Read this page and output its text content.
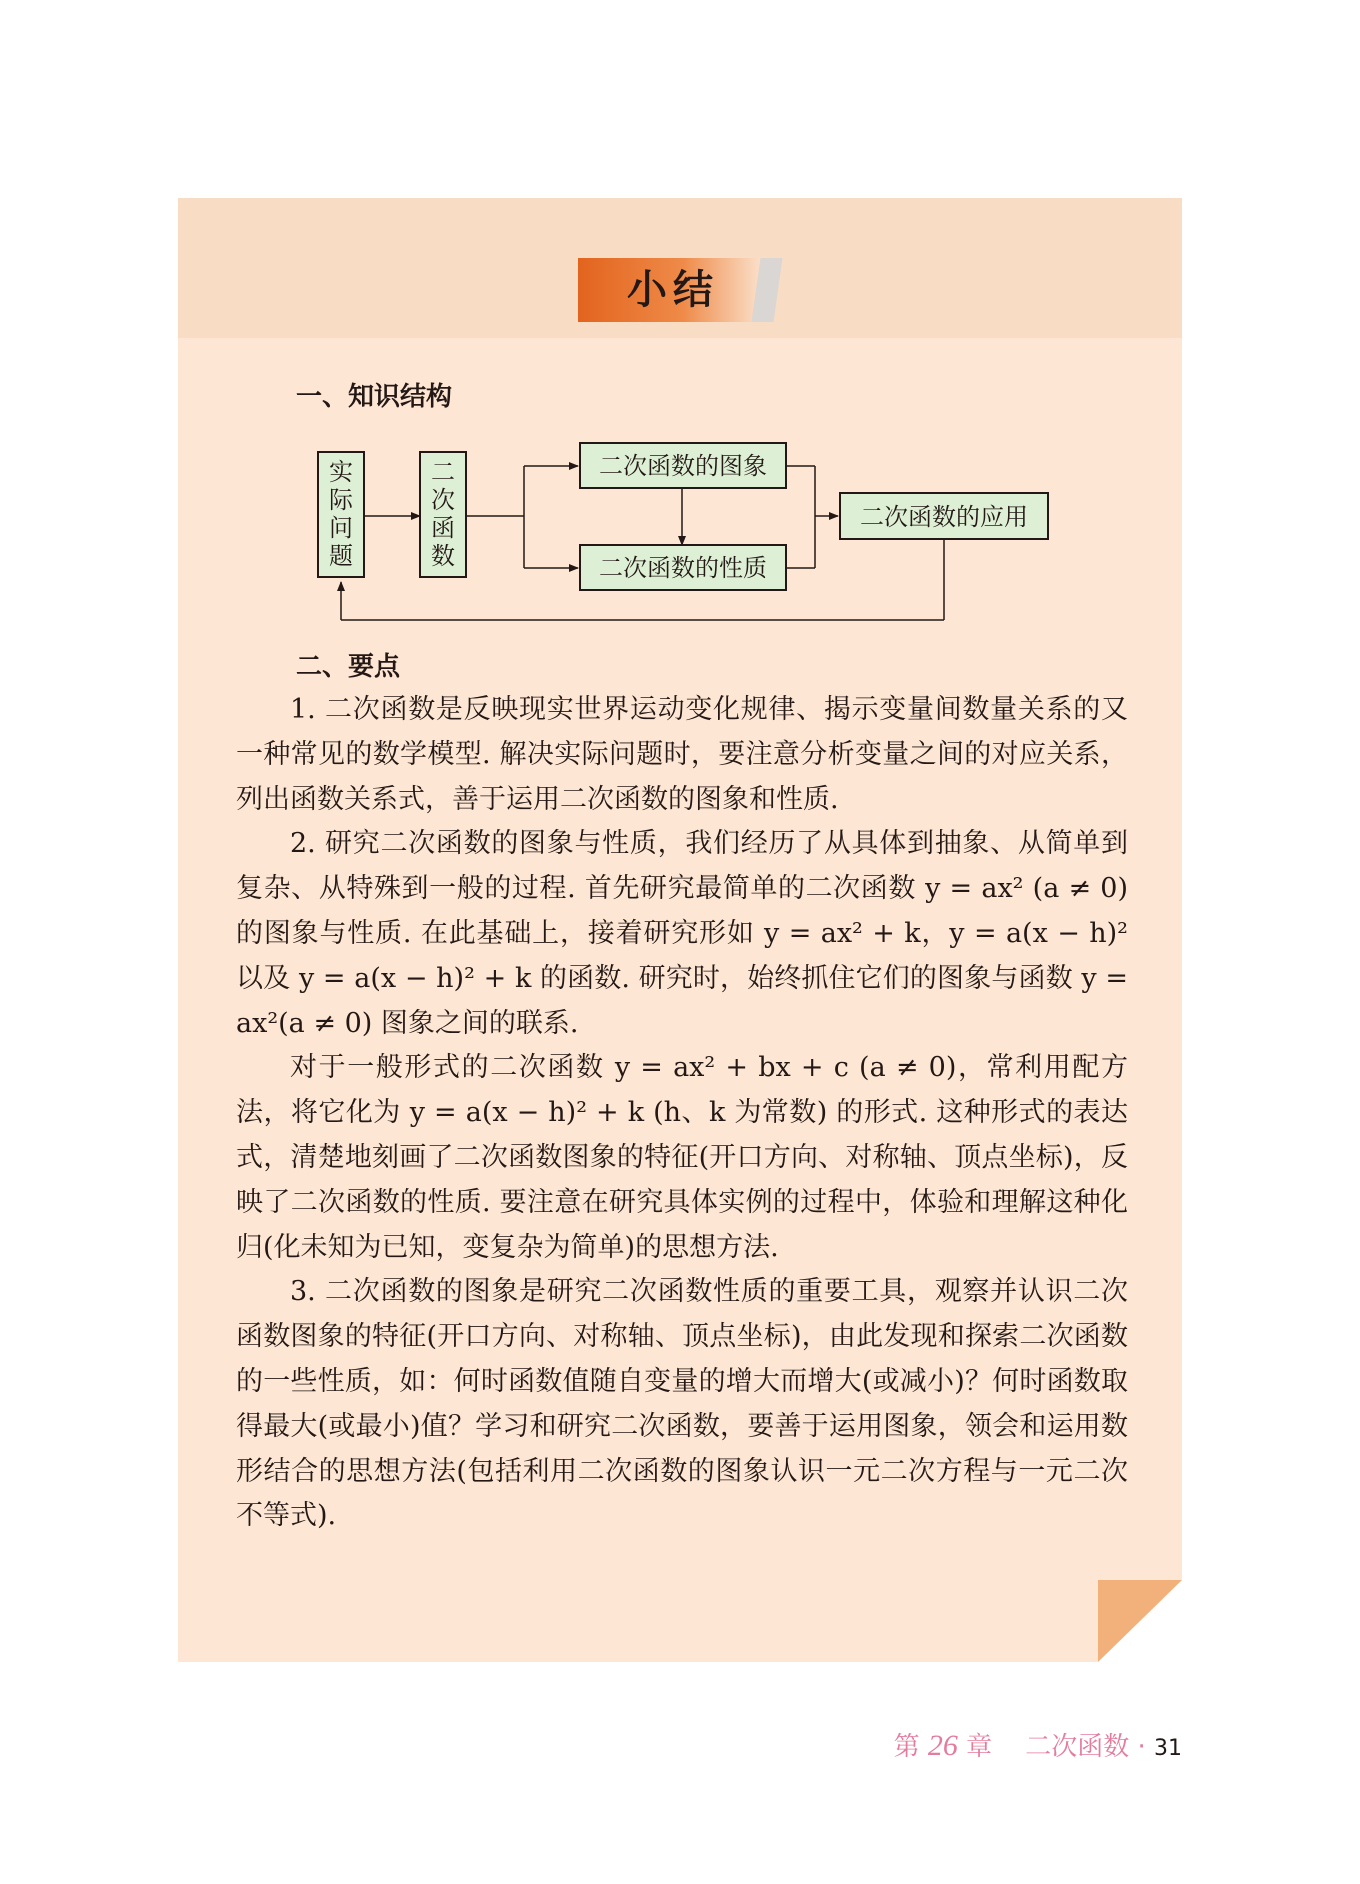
小结
一、知识结构
实
际
问
题
二
次
函
数
二次函数的图象
二次函数的性质
二次函数的应用
二、要点

1. 二次函数是反映现实世界运动变化规律、揭示变量间数量关系的又一种常见的数学模型. 解决实际问题时，要注意分析变量之间的对应关系，列出函数关系式，善于运用二次函数的图象和性质.

2. 研究二次函数的图象与性质，我们经历了从具体到抽象、从简单到复杂、从特殊到一般的过程. 首先研究最简单的二次函数 y = ax² (a ≠ 0) 的图象与性质. 在此基础上，接着研究形如 y = ax² + k，y = a(x − h)² 以及 y = a(x − h)² + k 的函数. 研究时，始终抓住它们的图象与函数 y = ax²(a ≠ 0) 图象之间的联系.

对于一般形式的二次函数 y = ax² + bx + c (a ≠ 0)，常利用配方法，将它化为 y = a(x − h)² + k (h、k 为常数) 的形式. 这种形式的表达式，清楚地刻画了二次函数图象的特征(开口方向、对称轴、顶点坐标)，反映了二次函数的性质. 要注意在研究具体实例的过程中，体验和理解这种化归(化未知为已知，变复杂为简单)的思想方法.

3. 二次函数的图象是研究二次函数性质的重要工具，观察并认识二次函数图象的特征(开口方向、对称轴、顶点坐标)，由此发现和探索二次函数的一些性质，如：何时函数值随自变量的增大而增大(或减小)？何时函数取得最大(或最小)值？学习和研究二次函数，要善于运用图象，领会和运用数形结合的思想方法(包括利用二次函数的图象认识一元二次方程与一元二次不等式).

第 26 章 二次函数 · 31
